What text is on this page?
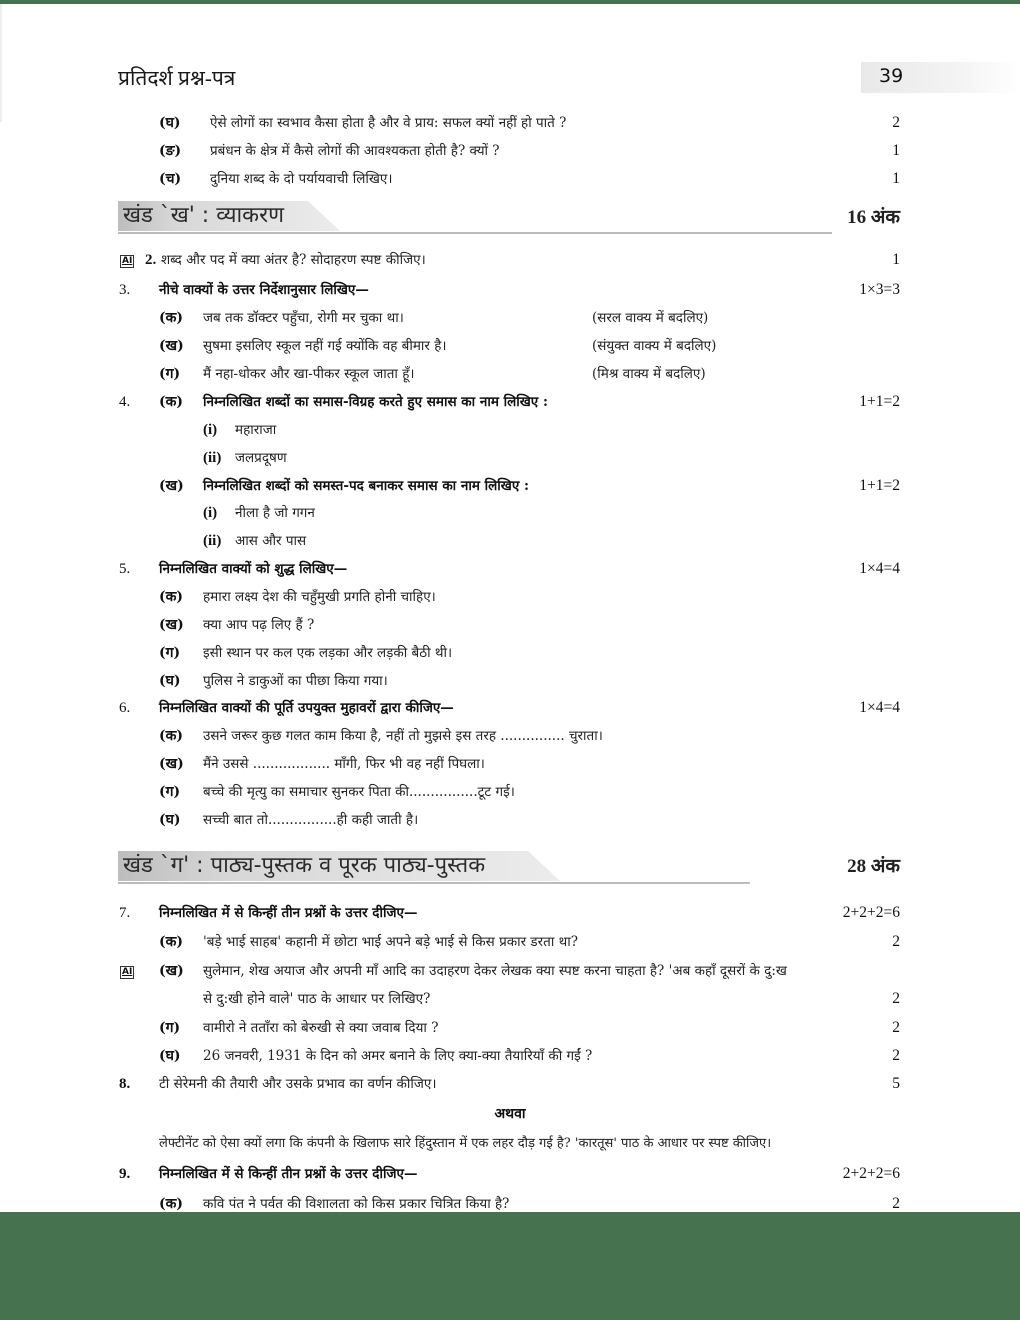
प्रतिदर्श प्रश्न-पत्र	39
(घ) ऐसे लोगों का स्वभाव कैसा होता है और वे प्राय: सफल क्यों नहीं हो पाते ?	2
(ङ) प्रबंधन के क्षेत्र में कैसे लोगों की आवश्यकता होती है? क्यों ?	1
(च) दुनिया शब्द के दो पर्यायवाची लिखिए।	1
खंड `ख' : व्याकरण	16 अंक
AI 2. शब्द और पद में क्या अंतर है? सोदाहरण स्पष्ट कीजिए।	1
3. नीचे वाक्यों के उत्तर निर्देशानुसार लिखिए—	1×3=3
(क) जब तक डॉक्टर पहुँचा, रोगी मर चुका था।	(सरल वाक्य में बदलिए)
(ख) सुषमा इसलिए स्कूल नहीं गई क्योंकि वह बीमार है।	(संयुक्त वाक्य में बदलिए)
(ग) मैं नहा-धोकर और खा-पीकर स्कूल जाता हूँ।	(मिश्र वाक्य में बदलिए)
4. (क) निम्नलिखित शब्दों का समास-विग्रह करते हुए समास का नाम लिखिए :	1+1=2
(i) महाराजा
(ii) जलप्रदूषण
(ख) निम्नलिखित शब्दों को समस्त-पद बनाकर समास का नाम लिखिए :	1+1=2
(i) नीला है जो गगन
(ii) आस और पास
5. निम्नलिखित वाक्यों को शुद्ध लिखिए—	1×4=4
(क) हमारा लक्ष्य देश की चहुँमुखी प्रगति होनी चाहिए।
(ख) क्या आप पढ़ लिए हैं ?
(ग) इसी स्थान पर कल एक लड़का और लड़की बैठी थी।
(घ) पुलिस ने डाकुओं का पीछा किया गया।
6. निम्नलिखित वाक्यों की पूर्ति उपयुक्त मुहावरों द्वारा कीजिए—	1×4=4
(क) उसने जरूर कुछ गलत काम किया है, नहीं तो मुझसे इस तरह ............... चुराता।
(ख) मैंने उससे .................. माँगी, फिर भी वह नहीं पिघला।
(ग) बच्चे की मृत्यु का समाचार सुनकर पिता की................टूट गई।
(घ) सच्ची बात तो................ही कही जाती है।
खंड `ग' : पाठ्य-पुस्तक व पूरक पाठ्य-पुस्तक	28 अंक
7. निम्नलिखित में से किन्हीं तीन प्रश्नों के उत्तर दीजिए—	2+2+2=6
(क) 'बड़े भाई साहब' कहानी में छोटा भाई अपने बड़े भाई से किस प्रकार डरता था?	2
AI (ख) सुलेमान, शेख अयाज और अपनी माँ आदि का उदाहरण देकर लेखक क्या स्पष्ट करना चाहता है? 'अब कहाँ दूसरों के दु:ख
से दु:खी होने वाले' पाठ के आधार पर लिखिए?	2
(ग) वामीरो ने तताँरा को बेरुखी से क्या जवाब दिया ?	2
(घ) 26 जनवरी, 1931 के दिन को अमर बनाने के लिए क्या-क्या तैयारियाँ की गईं ?	2
8. टी सेरेमनी की तैयारी और उसके प्रभाव का वर्णन कीजिए।	5
अथवा
लेफ्टीनेंट को ऐसा क्यों लगा कि कंपनी के खिलाफ सारे हिंदुस्तान में एक लहर दौड़ गई है? 'कारतूस' पाठ के आधार पर स्पष्ट कीजिए।
9. निम्नलिखित में से किन्हीं तीन प्रश्नों के उत्तर दीजिए—	2+2+2=6
(क) कवि पंत ने पर्वत की विशालता को किस प्रकार चित्रित किया है?	2
